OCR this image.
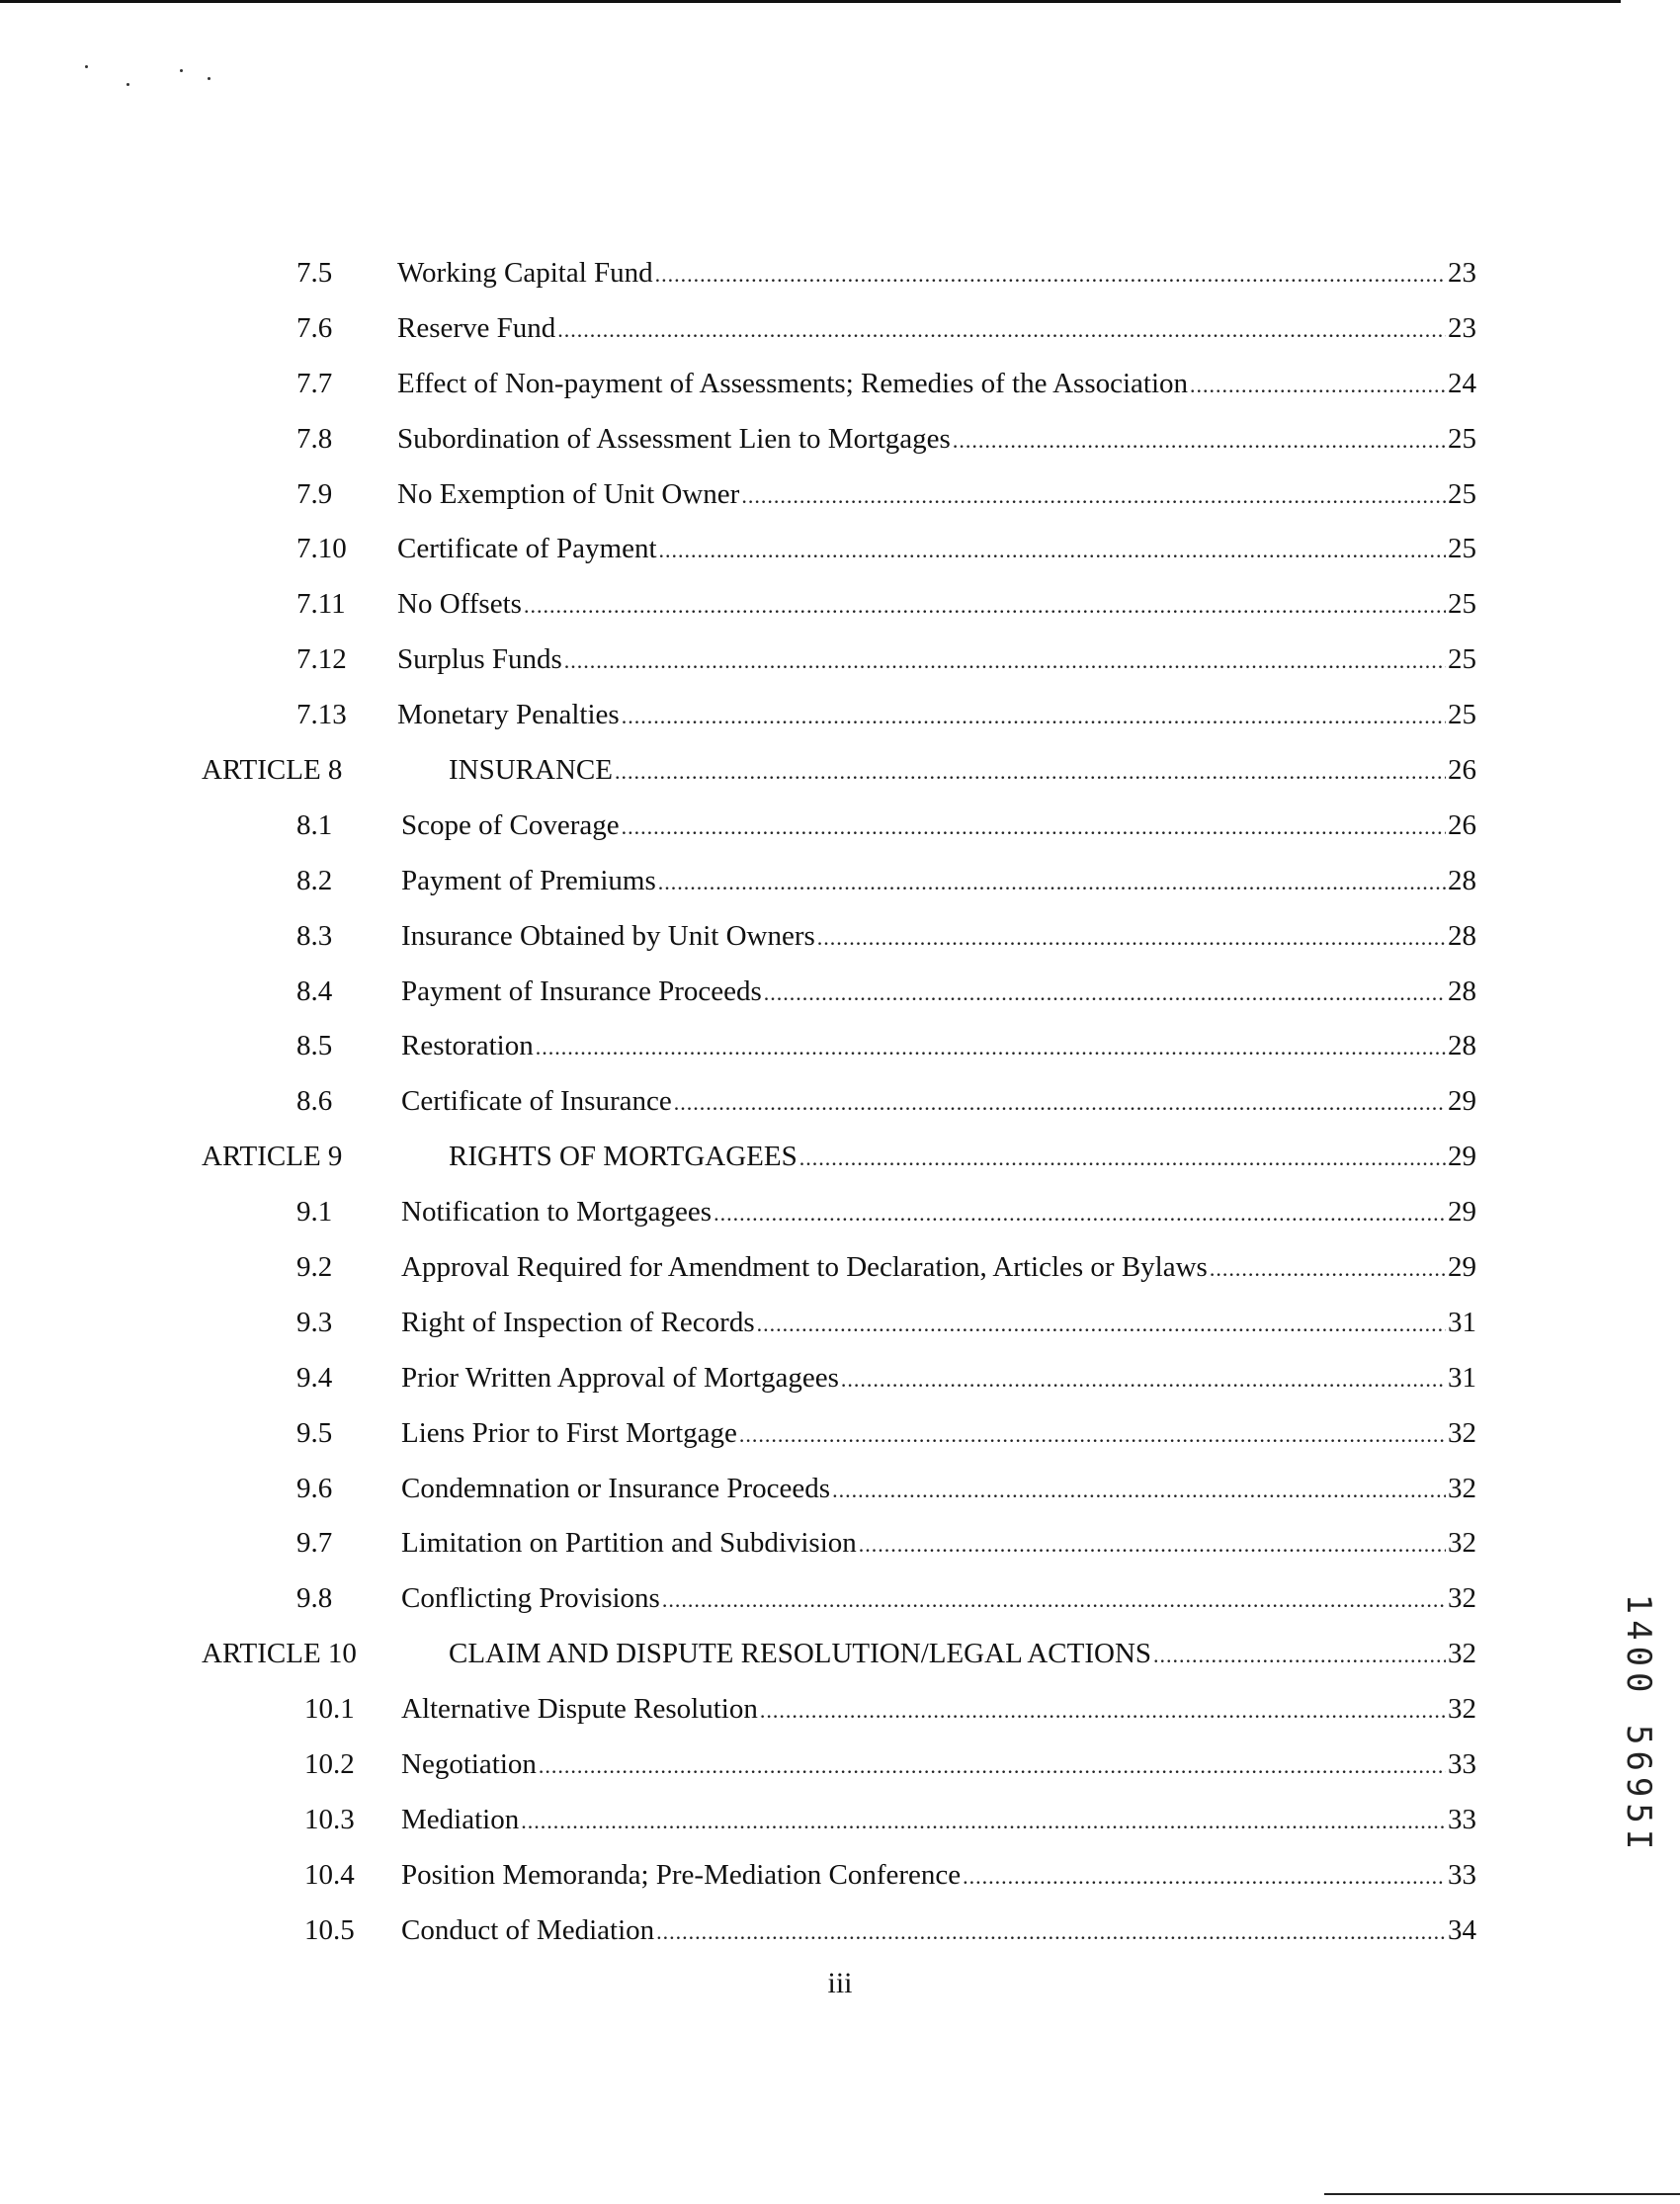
7.5	Working Capital Fund .....	23
7.6	Reserve Fund .....	23
7.7	Effect of Non-payment of Assessments; Remedies of the Association .....	24
7.8	Subordination of Assessment Lien to Mortgages .....	25
7.9	No Exemption of Unit Owner .....	25
7.10	Certificate of Payment .....	25
7.11	No Offsets .....	25
7.12	Surplus Funds .....	25
7.13	Monetary Penalties .....	25
ARTICLE 8	INSURANCE .....	26
8.1	Scope of Coverage .....	26
8.2	Payment of Premiums .....	28
8.3	Insurance Obtained by Unit Owners .....	28
8.4	Payment of Insurance Proceeds .....	28
8.5	Restoration .....	28
8.6	Certificate of Insurance .....	29
ARTICLE 9	RIGHTS OF MORTGAGEES .....	29
9.1	Notification to Mortgagees .....	29
9.2	Approval Required for Amendment to Declaration, Articles or Bylaws .....	29
9.3	Right of Inspection of Records .....	31
9.4	Prior Written Approval of Mortgagees .....	31
9.5	Liens Prior to First Mortgage .....	32
9.6	Condemnation or Insurance Proceeds .....	32
9.7	Limitation on Partition and Subdivision .....	32
9.8	Conflicting Provisions .....	32
ARTICLE 10	CLAIM AND DISPUTE RESOLUTION/LEGAL ACTIONS .....	32
10.1	Alternative Dispute Resolution .....	32
10.2	Negotiation .....	33
10.3	Mediation .....	33
10.4	Position Memoranda; Pre-Mediation Conference .....	33
10.5	Conduct of Mediation .....	34
iii
1400 5695I
